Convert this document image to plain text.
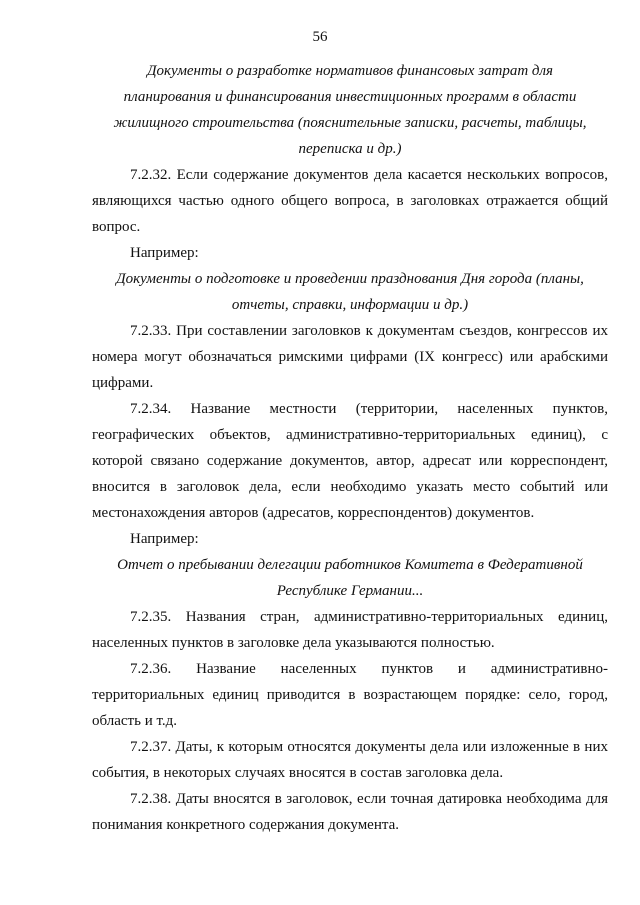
56
Документы о разработке нормативов финансовых затрат для
планирования и финансирования инвестиционных программ в области
жилищного строительства (пояснительные записки, расчеты, таблицы,
переписка и др.)
7.2.32. Если содержание документов дела касается нескольких вопросов,
являющихся частью одного общего вопроса, в заголовках отражается общий
вопрос.

Например:

Документы о подготовке и проведении празднования Дня города (планы,
отчеты, справки, информации и др.)
7.2.33. При составлении заголовков к документам съездов, конгрессов их
номера могут обозначаться римскими цифрами (IX конгресс) или арабскими
цифрами.
7.2.34. Название местности (территории, населенных пунктов,
географических объектов, административно-территориальных единиц), с
которой связано содержание документов, автор, адресат или корреспондент,
вносится в заголовок дела, если необходимо указать место событий или
местонахождения авторов (адресатов, корреспондентов) документов.

Например:

Отчет о пребывании делегации работников Комитета в Федеративной
Республике Германии...
7.2.35. Названия стран, административно-территориальных единиц,
населенных пунктов в заголовке дела указываются полностью.
7.2.36. Название населенных пунктов и административно-
территориальных единиц приводится в возрастающем порядке: село, город,
область и т.д.
7.2.37. Даты, к которым относятся документы дела или изложенные в них
события, в некоторых случаях вносятся в состав заголовка дела.
7.2.38. Даты вносятся в заголовок, если точная датировка необходима для
понимания конкретного содержания документа.
